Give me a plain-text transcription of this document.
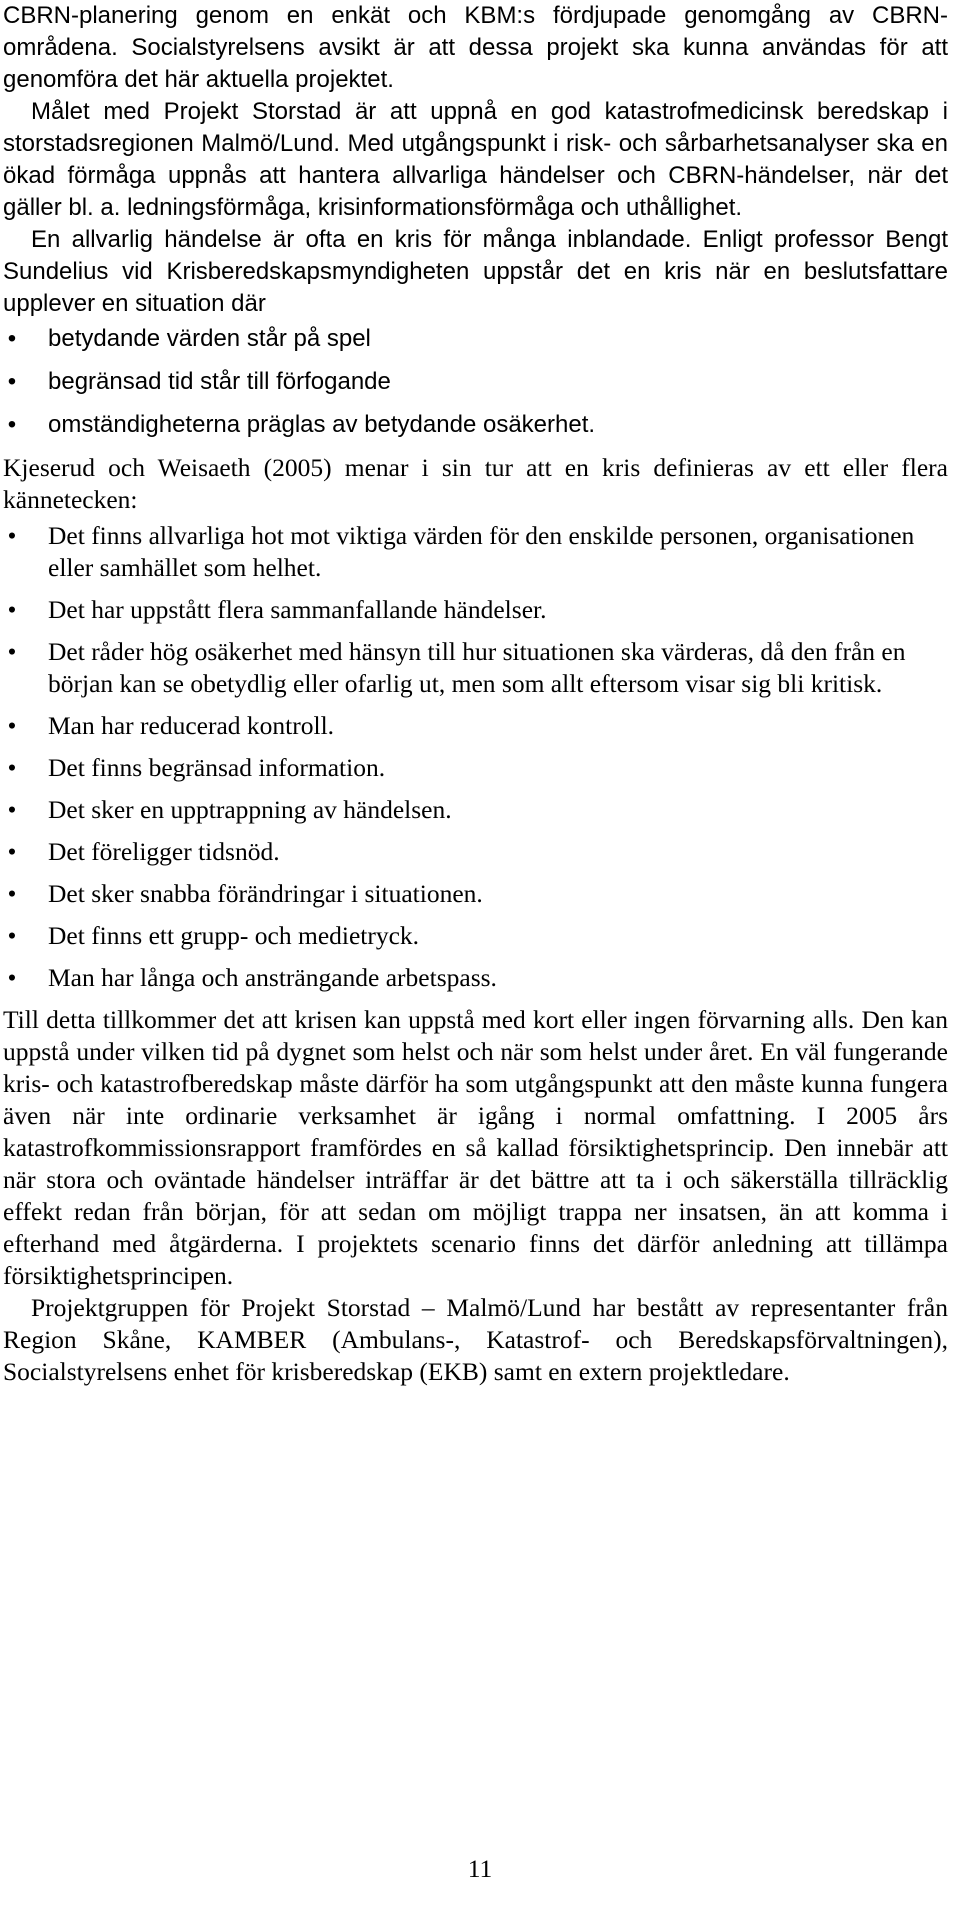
CBRN-planering genom en enkät och KBM:s fördjupade genomgång av CBRN-områdena. Socialstyrelsens avsikt är att dessa projekt ska kunna användas för att genomföra det här aktuella projektet.

Målet med Projekt Storstad är att uppnå en god katastrofmedicinsk beredskap i storstadsregionen Malmö/Lund. Med utgångspunkt i risk- och sårbarhetsanalyser ska en ökad förmåga uppnås att hantera allvarliga händelser och CBRN-händelser, när det gäller bl. a. ledningsförmåga, krisinformationsförmåga och uthållighet.

En allvarlig händelse är ofta en kris för många inblandade. Enligt professor Bengt Sundelius vid Krisberedskapsmyndigheten uppstår det en kris när en beslutsfattare upplever en situation där

• betydande värden står på spel
• begränsad tid står till förfogande
• omständigheterna präglas av betydande osäkerhet.

Kjeserud och Weisaeth (2005) menar i sin tur att en kris definieras av ett eller flera kännetecken:

• Det finns allvarliga hot mot viktiga värden för den enskilde personen, organisationen eller samhället som helhet.
• Det har uppstått flera sammanfallande händelser.
• Det råder hög osäkerhet med hänsyn till hur situationen ska värderas, då den från en början kan se obetydlig eller ofarlig ut, men som allt eftersom visar sig bli kritisk.
• Man har reducerad kontroll.
• Det finns begränsad information.
• Det sker en upptrappning av händelsen.
• Det föreligger tidsnöd.
• Det sker snabba förändringar i situationen.
• Det finns ett grupp- och medietryck.
• Man har långa och ansträngande arbetspass.

Till detta tillkommer det att krisen kan uppstå med kort eller ingen förvarning alls. Den kan uppstå under vilken tid på dygnet som helst och när som helst under året. En väl fungerande kris- och katastrofberedskap måste därför ha som utgångspunkt att den måste kunna fungera även när inte ordinarie verksamhet är igång i normal omfattning. I 2005 års katastrofkommissionsrapport framfördes en så kallad försiktighetsprincip. Den innebär att när stora och oväntade händelser inträffar är det bättre att ta i och säkerställa tillräcklig effekt redan från början, för att sedan om möjligt trappa ner insatsen, än att komma i efterhand med åtgärderna. I projektets scenario finns det därför anledning att tillämpa försiktighetsprincipen.

Projektgruppen för Projekt Storstad – Malmö/Lund har bestått av representanter från Region Skåne, KAMBER (Ambulans-, Katastrof- och Beredskapsförvaltningen), Socialstyrelsens enhet för krisberedskap (EKB) samt en extern projektledare.

11
